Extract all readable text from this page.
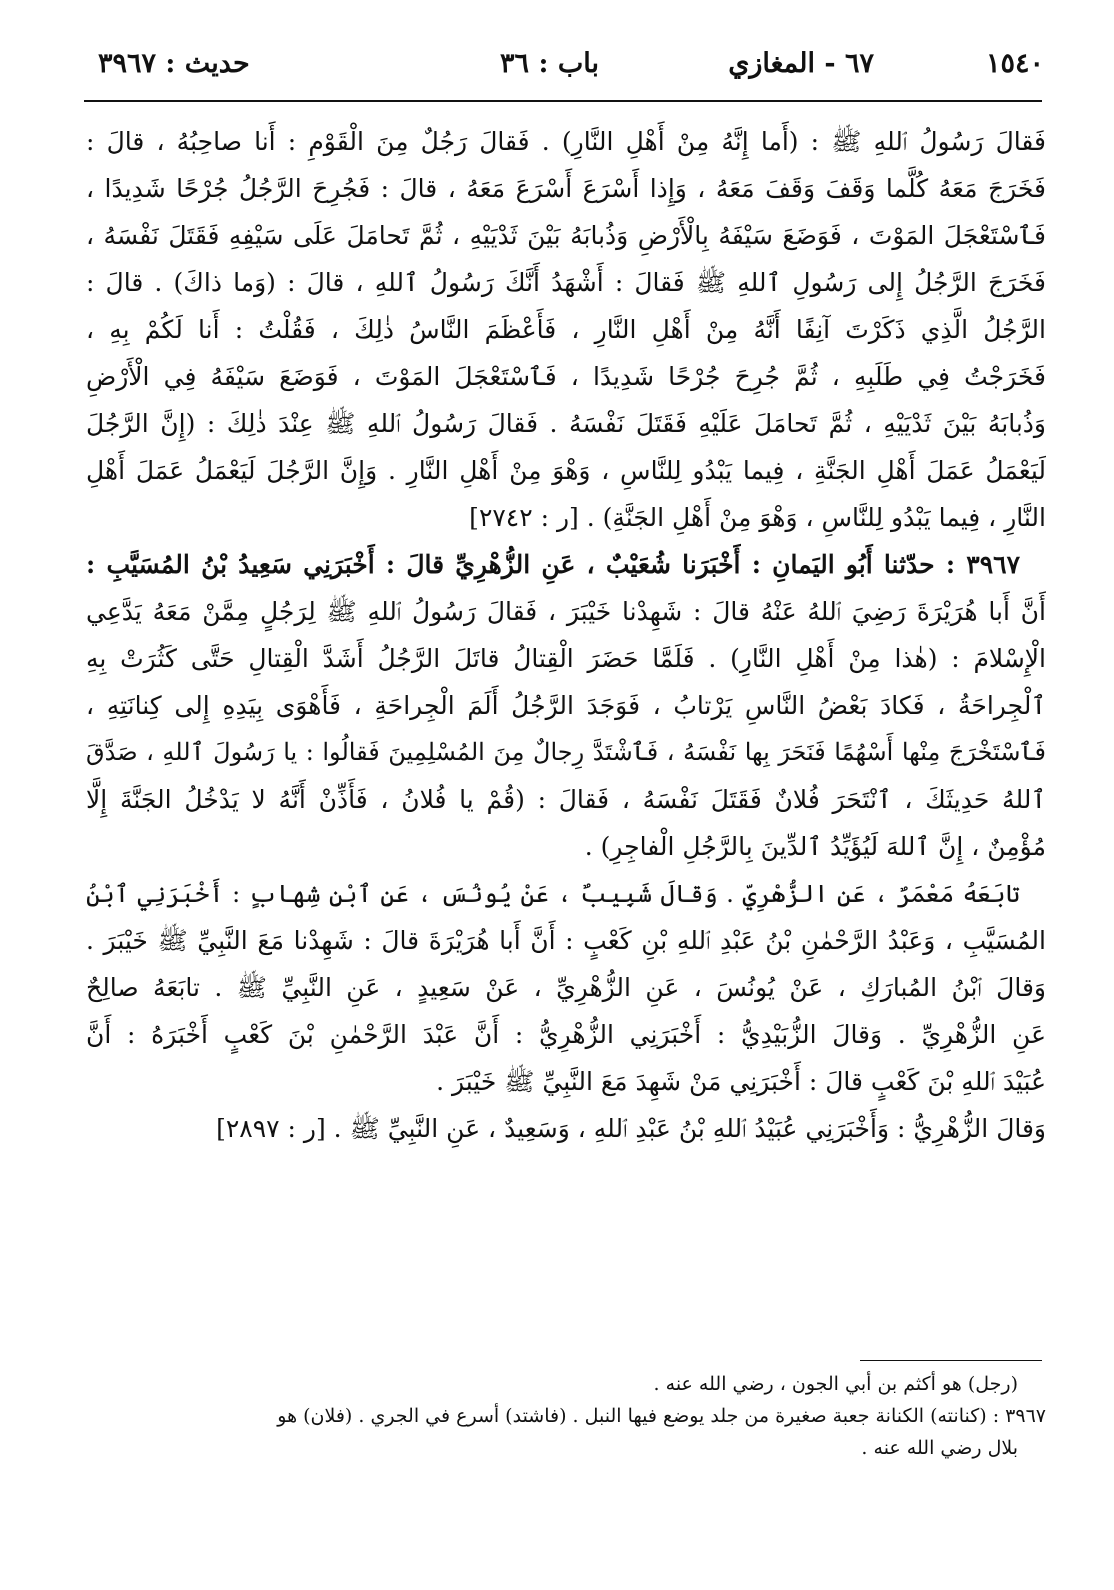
١٥٤٠
٦٧ - المغازي
باب : ٣٦
حديث : ٣٩٦٧
فَقالَ رَسُولُ ٱللهِ ﷺ : (أَما إِنَّهُ مِنْ أَهْلِ النَّارِ) . فَقالَ رَجُلٌ مِنَ الْقَوْمِ : أَنا صاحِبُهُ ، قالَ :
فَخَرَجَ مَعَهُ كُلَّما وَقَفَ وَقَفَ مَعَهُ ، وَإِذا أَسْرَعَ أَسْرَعَ مَعَهُ ، قالَ : فَجُرِحَ الرَّجُلُ جُرْحًا شَدِيدًا ،
فَٱسْتَعْجَلَ المَوْتَ ، فَوَضَعَ سَيْفَهُ بِالْأَرْضِ وَذُبابَهُ بَيْنَ ثَدْيَيْهِ ، ثُمَّ تَحامَلَ عَلَى سَيْفِهِ فَقَتَلَ نَفْسَهُ ،
فَخَرَجَ الرَّجُلُ إِلى رَسُولِ ٱللهِ ﷺ فَقالَ : أَشْهَدُ أَنَّكَ رَسُولُ ٱللهِ ، قالَ : (وَما ذاكَ) . قالَ :
الرَّجُلُ الَّذِي ذَكَرْتَ آنِفًا أَنَّهُ مِنْ أَهْلِ النَّارِ ، فَأَعْظَمَ النَّاسُ ذٰلِكَ ، فَقُلْتُ : أَنا لَكُمْ بِهِ ،
فَخَرَجْتُ فِي طَلَبِهِ ، ثُمَّ جُرِحَ جُرْحًا شَدِيدًا ، فَٱسْتَعْجَلَ المَوْتَ ، فَوَضَعَ سَيْفَهُ فِي الْأَرْضِ
وَذُبابَهُ بَيْنَ ثَدْيَيْهِ ، ثُمَّ تَحامَلَ عَلَيْهِ فَقَتَلَ نَفْسَهُ . فَقالَ رَسُولُ ٱللهِ ﷺ عِنْدَ ذٰلِكَ : (إِنَّ الرَّجُلَ
لَيَعْمَلُ عَمَلَ أَهْلِ الجَنَّةِ ، فِيما يَبْدُو لِلنَّاسِ ، وَهْوَ مِنْ أَهْلِ النَّارِ . وَإِنَّ الرَّجُلَ لَيَعْمَلُ عَمَلَ أَهْلِ
النَّارِ ، فِيما يَبْدُو لِلنَّاسِ ، وَهْوَ مِنْ أَهْلِ الجَنَّةِ) . [ر : ٢٧٤٢]
٣٩٦٧ : حدّثنا أَبُو اليَمانِ : أَخْبَرَنا شُعَيْبٌ ، عَنِ الزُّهْرِيِّ قالَ : أَخْبَرَنِي سَعِيدُ بْنُ المُسَيَّبِ :
أَنَّ أَبا هُرَيْرَةَ رَضِيَ ٱللهُ عَنْهُ قالَ : شَهِدْنا خَيْبَرَ ، فَقالَ رَسُولُ ٱللهِ ﷺ لِرَجُلٍ مِمَّنْ مَعَهُ يَدَّعِي
الْإِسْلامَ : (هٰذا مِنْ أَهْلِ النَّارِ) . فَلَمَّا حَضَرَ الْقِتالُ قاتَلَ الرَّجُلُ أَشَدَّ الْقِتالِ حَتَّى كَثُرَتْ بِهِ
ٱلْجِراحَةُ ، فَكادَ بَعْضُ النَّاسِ يَرْتابُ ، فَوَجَدَ الرَّجُلُ أَلَمَ الْجِراحَةِ ، فَأَهْوَى بِيَدِهِ إِلى كِنانَتِهِ ،
فَٱسْتَخْرَجَ مِنْها أَسْهُمًا فَنَحَرَ بِها نَفْسَهُ ، فَٱشْتَدَّ رِجالٌ مِنَ المُسْلِمِينَ فَقالُوا : يا رَسُولَ ٱللهِ ، صَدَّقَ
ٱللهُ حَدِيثَكَ ، ٱنْتَحَرَ فُلانٌ فَقَتَلَ نَفْسَهُ ، فَقالَ : (قُمْ يا فُلانُ ، فَأَذِّنْ أَنَّهُ لا يَدْخُلُ الجَنَّةَ إِلَّا
مُؤْمِنٌ ، إِنَّ ٱللهَ لَيُؤَيِّدُ ٱلدِّينَ بِالرَّجُلِ الْفاجِرِ) .
تابَعَهُ مَعْمَرٌ ، عَنِ الزُّهْرِيِّ . وَقالَ شَبِيبٌ ، عَنْ يُونُسَ ، عَنِ ٱبْنِ شِهابٍ : أَخْبَرَنِي ٱبْنُ
المُسَيَّبِ ، وَعَبْدُ الرَّحْمٰنِ بْنُ عَبْدِ ٱللهِ بْنِ كَعْبٍ : أَنَّ أَبا هُرَيْرَةَ قالَ : شَهِدْنا مَعَ النَّبِيِّ ﷺ خَيْبَرَ .
وَقالَ ٱبْنُ المُبارَكِ ، عَنْ يُونُسَ ، عَنِ الزُّهْرِيِّ ، عَنْ سَعِيدٍ ، عَنِ النَّبِيِّ ﷺ . تابَعَهُ صالِحٌ
عَنِ الزُّهْرِيِّ . وَقالَ الزُّبَيْدِيُّ : أَخْبَرَنِي الزُّهْرِيُّ : أَنَّ عَبْدَ الرَّحْمٰنِ بْنَ كَعْبٍ أَخْبَرَهُ : أَنَّ
عُبَيْدَ ٱللهِ بْنَ كَعْبٍ قالَ : أَخْبَرَنِي مَنْ شَهِدَ مَعَ النَّبِيِّ ﷺ خَيْبَرَ .
وَقالَ الزُّهْرِيُّ : وَأَخْبَرَنِي عُبَيْدُ ٱللهِ بْنُ عَبْدِ ٱللهِ ، وَسَعِيدٌ ، عَنِ النَّبِيِّ ﷺ . [ر : ٢٨٩٧]
(رجل) هو أكثم بن أبي الجون ، رضي الله عنه .
٣٩٦٧ : (كنانته) الكنانة جعبة صغيرة من جلد يوضع فيها النبل . (فاشتد) أسرع في الجري . (فلان) هو
بلال رضي الله عنه .
